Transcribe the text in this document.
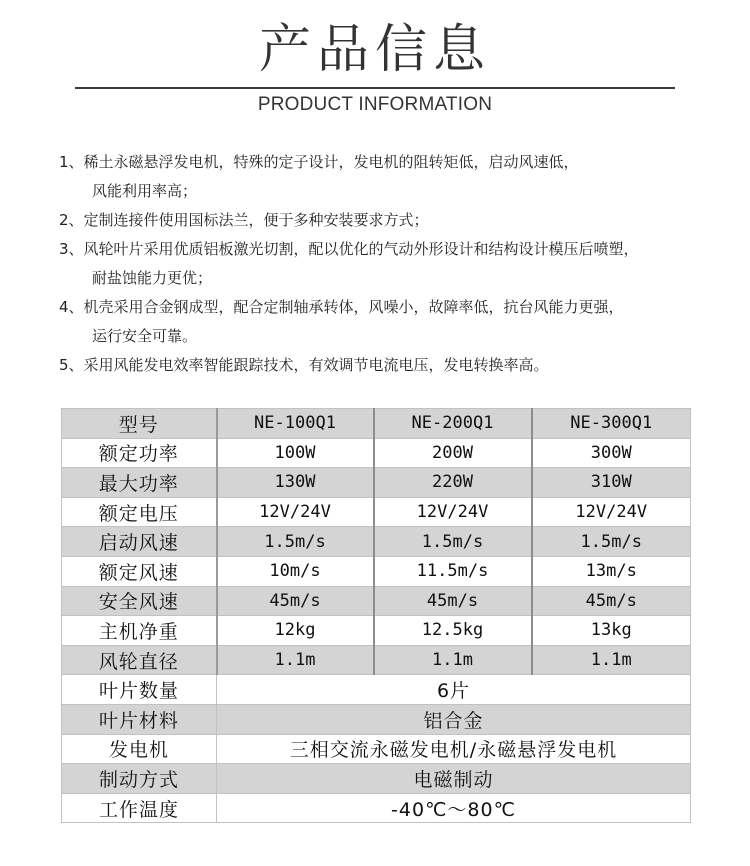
产品信息
PRODUCT INFORMATION
1、稀土永磁悬浮发电机，特殊的定子设计，发电机的阻转矩低，启动风速低，
风能利用率高；
2、定制连接件使用国标法兰，便于多种安装要求方式；
3、风轮叶片采用优质铝板激光切割，配以优化的气动外形设计和结构设计模压后喷塑，
耐盐蚀能力更优；
4、机壳采用合金钢成型，配合定制轴承转体，风噪小，故障率低，抗台风能力更强，
运行安全可靠。
5、采用风能发电效率智能跟踪技术，有效调节电流电压，发电转换率高。
型号	NE-100Q1	NE-200Q1	NE-300Q1
额定功率	100W	200W	300W
最大功率	130W	220W	310W
额定电压	12V/24V	12V/24V	12V/24V
启动风速	1.5m/s	1.5m/s	1.5m/s
额定风速	10m/s	11.5m/s	13m/s
安全风速	45m/s	45m/s	45m/s
主机净重	12kg	12.5kg	13kg
风轮直径	1.1m	1.1m	1.1m
叶片数量	6片		
叶片材料	铝合金		
发电机	三相交流永磁发电机/永磁悬浮发电机		
制动方式	电磁制动		
工作温度	-40℃～80℃		
